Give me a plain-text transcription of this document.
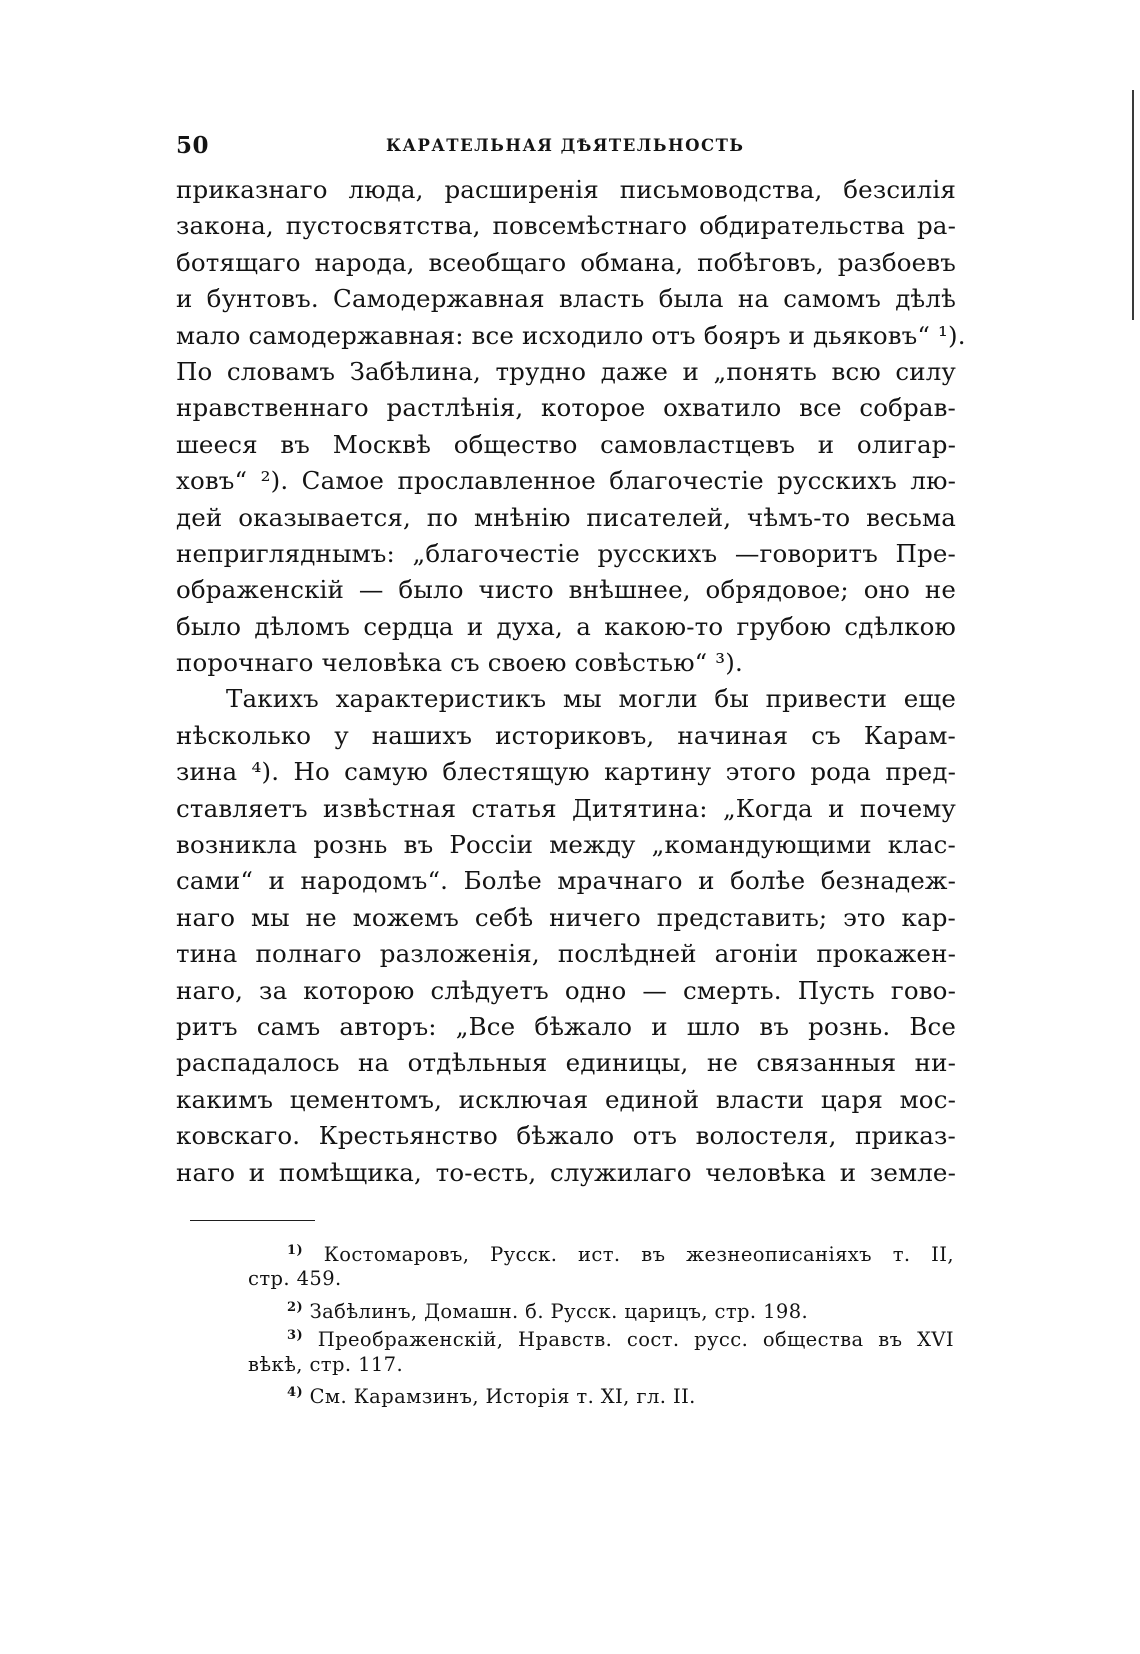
50	КАРАТЕЛЬНАЯ ДѢЯТЕЛЬНОСТЬ
приказнаго люда, расширенія письмоводства, безсилія
закона, пустосвятства, повсемѣстнаго обдирательства ра-
ботящаго народа, всеобщаго обмана, побѣговъ, разбоевъ
и бунтовъ. Самодержавная власть была на самомъ дѣлѣ
мало самодержавная: все исходило отъ бояръ и дьяковъ“ ¹).
По словамъ Забѣлина, трудно даже и „понять всю силу
нравственнаго растлѣнія, которое охватило все собрав-
шееся въ Москвѣ общество самовластцевъ и олигар-
ховъ“ ²). Самое прославленное благочестіе русскихъ лю-
дей оказывается, по мнѣнію писателей, чѣмъ-то весьма
непригляднымъ: „благочестіе русскихъ —говоритъ Пре-
ображенскій — было чисто внѣшнее, обрядовое; оно не
было дѣломъ сердца и духа, а какою-то грубою сдѣлкою
порочнаго человѣка съ своею совѣстью“ ³).
Такихъ характеристикъ мы могли бы привести еще
нѣсколько у нашихъ историковъ, начиная съ Карам-
зина ⁴). Но самую блестящую картину этого рода пред-
ставляетъ извѣстная статья Дитятина: „Когда и почему
возникла рознь въ Россіи между „командующими клас-
сами“ и народомъ“. Болѣе мрачнаго и болѣе безнадеж-
наго мы не можемъ себѣ ничего представить; это кар-
тина полнаго разложенія, послѣдней агоніи прокажен-
наго, за которою слѣдуетъ одно — смерть. Пусть гово-
ритъ самъ авторъ: „Все бѣжало и шло въ рознь. Все
распадалось на отдѣльныя единицы, не связанныя ни-
какимъ цементомъ, исключая единой власти царя мос-
ковскаго. Крестьянство бѣжало отъ волостеля, приказ-
наго и помѣщика, то-есть, служилаго человѣка и земле-
$^{1)}$ Костомаровъ, Русск. ист. въ жезнеописаніяхъ т. II,
стр. 459.
$^{2)}$ Забѣлинъ, Домашн. б. Русск. царицъ, стр. 198.
$^{3)}$ Преображенскій, Нравств. сост. русс. общества въ XVI
вѣкѣ, стр. 117.
$^{4)}$ См. Карамзинъ, Исторія т. XI, гл. II.
